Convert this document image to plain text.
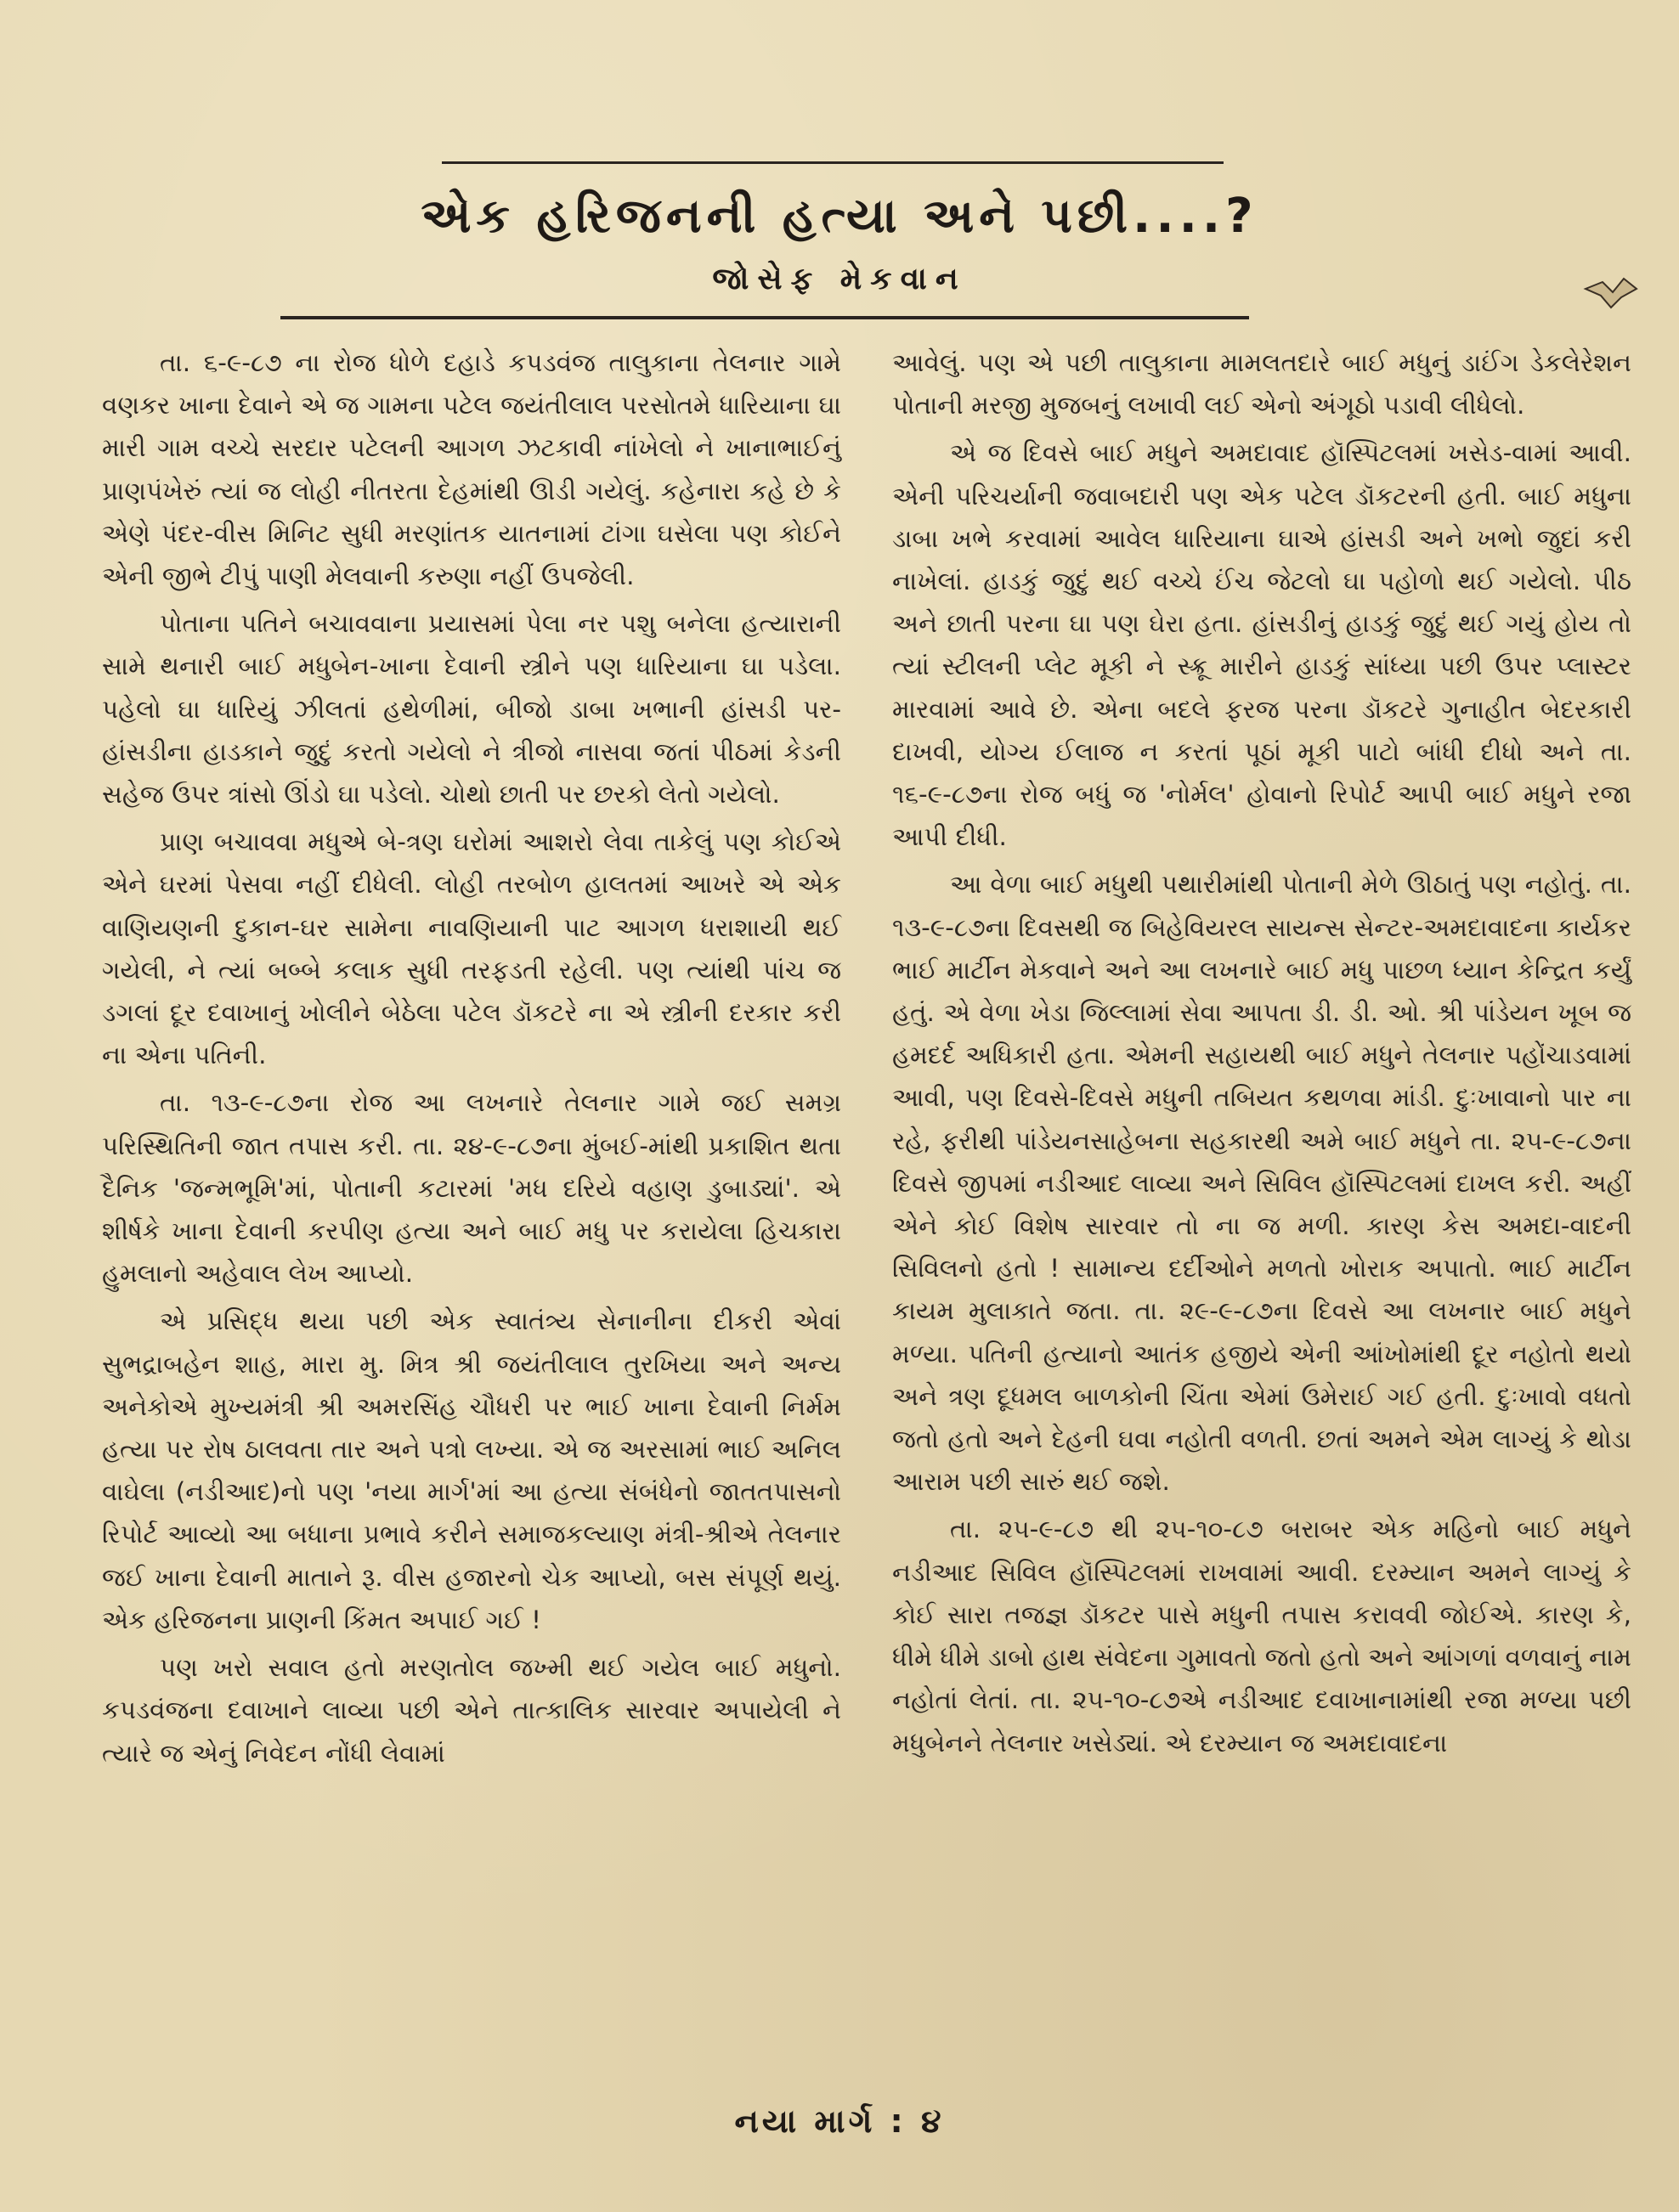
એક હરિજનની હત્યા અને પછી....?
જોસેફ મેકવાન

તા. ૬-૯-૮૭ ના રોજ ધોળે દહાડે કપડવંજ તાલુકાના તેલનાર ગામે વણકર ખાના દેવાને એ જ ગામના પટેલ જયંતીલાલ પરસોતમે ધારિયાના ઘા મારી ગામ વચ્ચે સરદાર પટેલની આગળ ઝટકાવી નાંખેલો ને ખાનાભાઈનું પ્રાણપંખેરું ત્યાં જ લોહી નીતરતા દેહમાંથી ઊડી ગયેલું. કહેનારા કહે છે કે એણે પંદર-વીસ મિનિટ સુધી મરણાંતક યાતનામાં ટાંગા ઘસેલા પણ કોઈને એની જીભે ટીપું પાણી મેલવાની કરુણા નહીં ઉપજેલી.

પોતાના પતિને બચાવવાના પ્રયાસમાં પેલા નર પશુ બનેલા હત્યારાની સામે થનારી બાઈ મધુબેન-ખાના દેવાની સ્ત્રીને પણ ધારિયાના ઘા પડેલા. પહેલો ઘા ધારિયું ઝીલતાં હથેળીમાં, બીજો ડાબા ખભાની હાંસડી પર-હાંસડીના હાડકાને જુદું કરતો ગયેલો ને ત્રીજો નાસવા જતાં પીઠમાં કેડની સહેજ ઉપર ત્રાંસો ઊંડો ઘા પડેલો. ચોથો છાતી પર છરકો લેતો ગયેલો.

પ્રાણ બચાવવા મધુએ બે-ત્રણ ઘરોમાં આશરો લેવા તાકેલું પણ કોઈએ એને ઘરમાં પેસવા નહીં દીધેલી. લોહી તરબોળ હાલતમાં આખરે એ એક વાણિયણની દુકાન-ઘર સામેના નાવણિયાની પાટ આગળ ધરાશાયી થઈ ગયેલી, ને ત્યાં બબ્બે કલાક સુધી તરફડતી રહેલી. પણ ત્યાંથી પાંચ જ ડગલાં દૂર દવાખાનું ખોલીને બેઠેલા પટેલ ડૉકટરે ના એ સ્ત્રીની દરકાર કરી ના એના પતિની.

તા. ૧૩-૯-૮૭ના રોજ આ લખનારે તેલનાર ગામે જઈ સમગ્ર પરિસ્થિતિની જાત તપાસ કરી. તા. ૨૪-૯-૮૭ના મુંબઈ-માંથી પ્રકાશિત થતા દૈનિક 'જન્મભૂમિ'માં, પોતાની કટારમાં 'મધ દરિયે વહાણ ડુબાડ્યાં'. એ શીર્ષકે ખાના દેવાની કરપીણ હત્યા અને બાઈ મધુ પર કરાયેલા હિચકારા હુમલાનો અહેવાલ લેખ આપ્યો.

એ પ્રસિદ્ધ થયા પછી એક સ્વાતંત્ર્ય સેનાનીના દીકરી એવાં સુભદ્રાબહેન શાહ, મારા મુ. મિત્ર શ્રી જયંતીલાલ તુરખિયા અને અન્ય અનેકોએ મુખ્યમંત્રી શ્રી અમરસિંહ ચૌધરી પર ભાઈ ખાના દેવાની નિર્મમ હત્યા પર રોષ ઠાલવતા તાર અને પત્રો લખ્યા. એ જ અરસામાં ભાઈ અનિલ વાઘેલા (નડીઆદ)નો પણ 'નયા માર્ગ'માં આ હત્યા સંબંધેનો જાતતપાસનો રિપોર્ટ આવ્યો આ બધાના પ્રભાવે કરીને સમાજકલ્યાણ મંત્રી-શ્રીએ તેલનાર જઈ ખાના દેવાની માતાને રૂ. વીસ હજારનો ચેક આપ્યો, બસ સંપૂર્ણ થયું. એક હરિજનના પ્રાણની કિંમત અપાઈ ગઈ !

પણ ખરો સવાલ હતો મરણતોલ જખ્મી થઈ ગયેલ બાઈ મધુનો. કપડવંજના દવાખાને લાવ્યા પછી એને તાત્કાલિક સારવાર અપાયેલી ને ત્યારે જ એનું નિવેદન નોંધી લેવામાં

આવેલું. પણ એ પછી તાલુકાના મામલતદારે બાઈ મધુનું ડાઈંગ ડેકલેરેશન પોતાની મરજી મુજબનું લખાવી લઈ એનો અંગૂઠો પડાવી લીધેલો.

એ જ દિવસે બાઈ મધુને અમદાવાદ હૉસ્પિટલમાં ખસેડ-વામાં આવી. એની પરિચર્યાની જવાબદારી પણ એક પટેલ ડૉકટરની હતી. બાઈ મધુના ડાબા ખભે કરવામાં આવેલ ધારિયાના ઘાએ હાંસડી અને ખભો જુદાં કરી નાખેલાં. હાડકું જુદું થઈ વચ્ચે ઈંચ જેટલો ઘા પહોળો થઈ ગયેલો. પીઠ અને છાતી પરના ઘા પણ ઘેરા હતા. હાંસડીનું હાડકું જુદું થઈ ગયું હોય તો ત્યાં સ્ટીલની પ્લેટ મૂકી ને સ્ક્રૂ મારીને હાડકું સાંધ્યા પછી ઉપર પ્લાસ્ટર મારવામાં આવે છે. એના બદલે ફરજ પરના ડૉકટરે ગુનાહીત બેદરકારી દાખવી, યોગ્ય ઈલાજ ન કરતાં પૂઠાં મૂકી પાટો બાંધી દીધો અને તા. ૧૬-૯-૮૭ના રોજ બધું જ 'નોર્મલ' હોવાનો રિપોર્ટ આપી બાઈ મધુને રજા આપી દીધી.

આ વેળા બાઈ મધુથી પથારીમાંથી પોતાની મેળે ઊઠાતું પણ નહોતું. તા. ૧૩-૯-૮૭ના દિવસથી જ બિહેવિયરલ સાયન્સ સેન્ટર-અમદાવાદના કાર્યકર ભાઈ માર્ટીન મેકવાને અને આ લખનારે બાઈ મધુ પાછળ ધ્યાન કેન્દ્રિત કર્યું હતું. એ વેળા ખેડા જિલ્લામાં સેવા આપતા ડી. ડી. ઓ. શ્રી પાંડેયન ખૂબ જ હમદર્દ અધિકારી હતા. એમની સહાયથી બાઈ મધુને તેલનાર પહોંચાડવામાં આવી, પણ દિવસે-દિવસે મધુની તબિયત કથળવા માંડી. દુઃખાવાનો પાર ના રહે, ફરીથી પાંડેયનસાહેબના સહકારથી અમે બાઈ મધુને તા. ૨૫-૯-૮૭ના દિવસે જીપમાં નડીઆદ લાવ્યા અને સિવિલ હૉસ્પિટલમાં દાખલ કરી. અહીં એને કોઈ વિશેષ સારવાર તો ના જ મળી. કારણ કેસ અમદા-વાદની સિવિલનો હતો ! સામાન્ય દર્દીઓને મળતો ખોરાક અપાતો. ભાઈ માર્ટીન કાયમ મુલાકાતે જતા. તા. ૨૯-૯-૮૭ના દિવસે આ લખનાર બાઈ મધુને મળ્યા. પતિની હત્યાનો આતંક હજીયે એની આંખોમાંથી દૂર નહોતો થયો અને ત્રણ દૂધમલ બાળકોની ચિંતા એમાં ઉમેરાઈ ગઈ હતી. દુઃખાવો વધતો જતો હતો અને દેહની ઘવા નહોતી વળતી. છતાં અમને એમ લાગ્યું કે થોડા આરામ પછી સારું થઈ જશે.

તા. ૨૫-૯-૮૭ થી ૨૫-૧૦-૮૭ બરાબર એક મહિનો બાઈ મધુને નડીઆદ સિવિલ હૉસ્પિટલમાં રાખવામાં આવી. દરમ્યાન અમને લાગ્યું કે કોઈ સારા તજજ્ઞ ડૉકટર પાસે મધુની તપાસ કરાવવી જોઈએ. કારણ કે, ધીમે ધીમે ડાબો હાથ સંવેદના ગુમાવતો જતો હતો અને આંગળાં વળવાનું નામ નહોતાં લેતાં. તા. ૨૫-૧૦-૮૭એ નડીઆદ દવાખાનામાંથી રજા મળ્યા પછી મધુબેનને તેલનાર ખસેડ્યાં. એ દરમ્યાન જ અમદાવાદના

નયા માર્ગ : ૪
